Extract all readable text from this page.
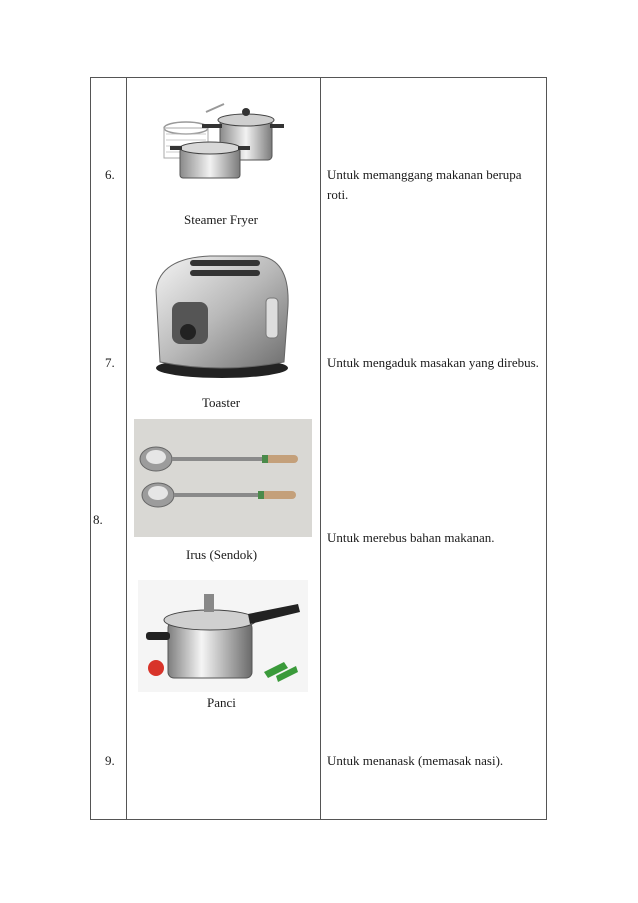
6.
7.
8.
9.
Steamer Fryer
Toaster
Irus (Sendok)
Panci
Untuk memanggang makanan berupa roti.
Untuk mengaduk masakan yang direbus.
Untuk merebus bahan makanan.
Untuk menanask (memasak nasi).
